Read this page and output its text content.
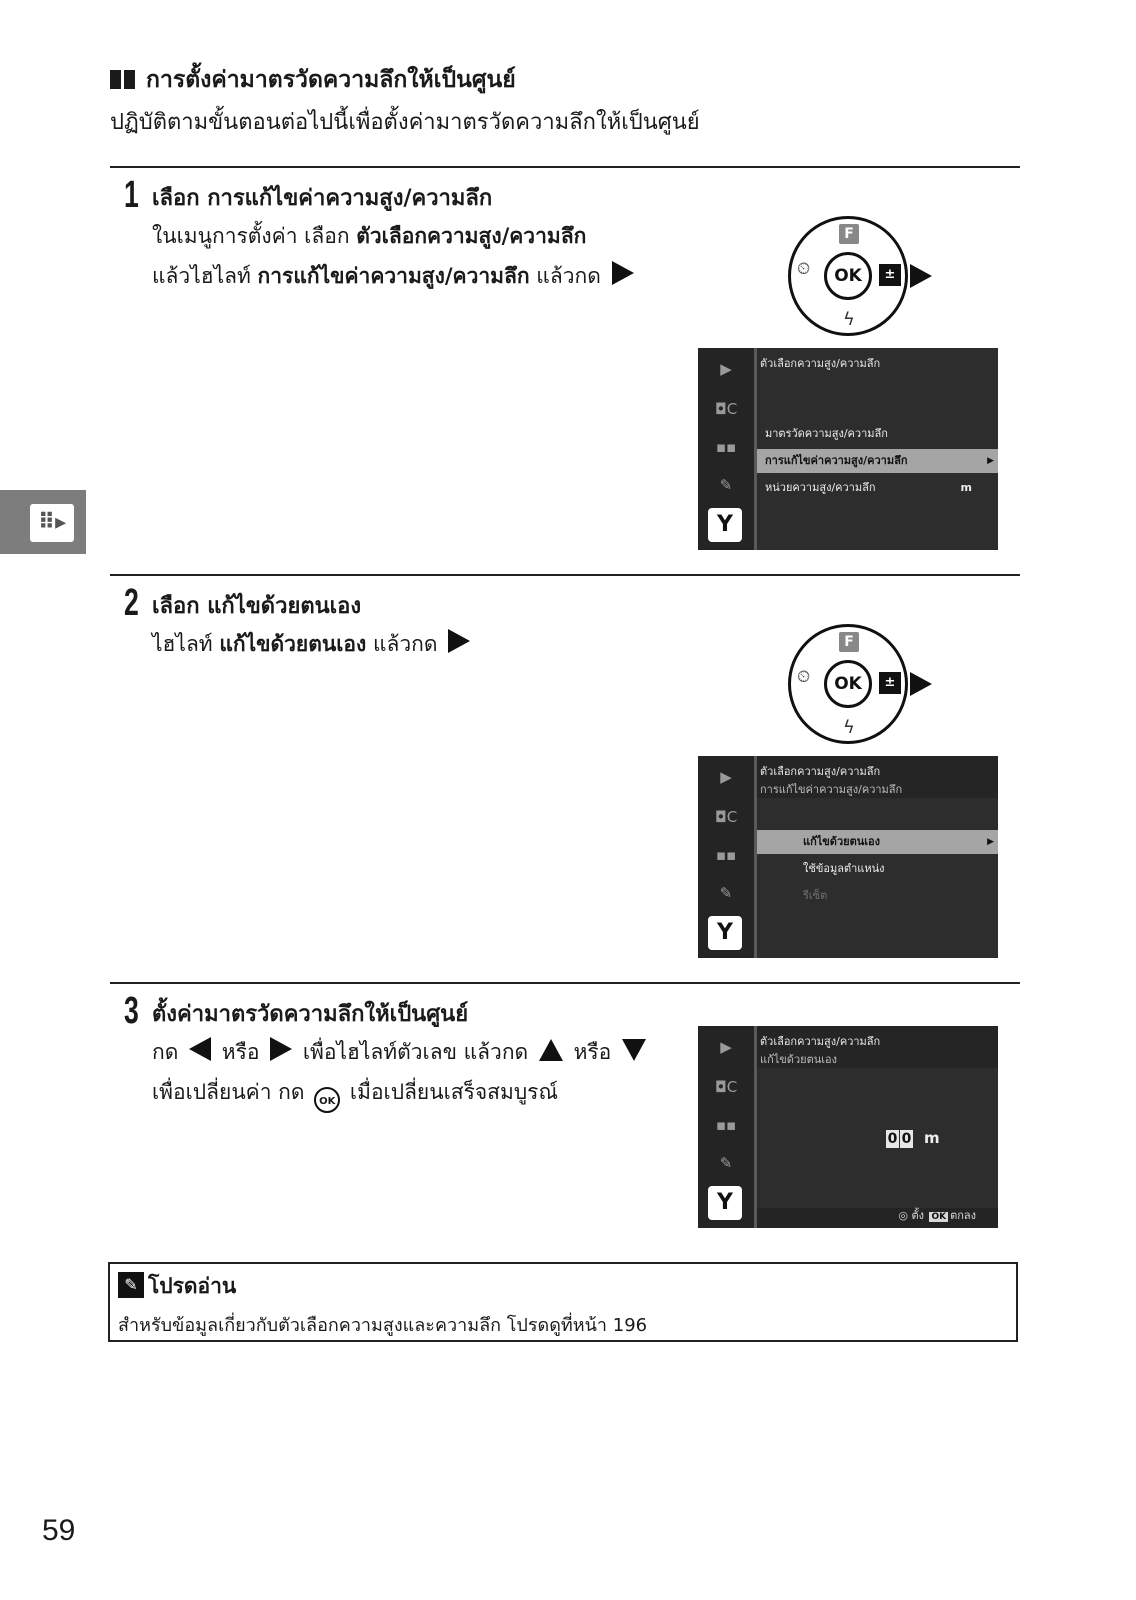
การตั้งค่ามาตรวัดความลึกให้เป็นศูนย์
ปฏิบัติตามขั้นตอนต่อไปนี้เพื่อตั้งค่ามาตรวัดความลึกให้เป็นศูนย์
1 เลือก การแก้ไขค่าความสูง/ความลึก
ในเมนูการตั้งค่า เลือก ตัวเลือกความสูง/ความลึก
แล้วไฮไลท์ การแก้ไขค่าความสูง/ความลึก แล้วกด
F
⏲	OK	±
ϟ
▶
◘C
▪▪
✎
Y
ตัวเลือกความสูง/ความลึก
มาตรวัดความสูง/ความลึก
การแก้ไขค่าความสูง/ความลึก	▶
หน่วยความสูง/ความลึก	m
⠿▸
2 เลือก แก้ไขด้วยตนเอง
ไฮไลท์ แก้ไขด้วยตนเอง แล้วกด	F
⏲	OK	±
ϟ
▶
◘C
▪▪
✎
Y
ตัวเลือกความสูง/ความลึก
การแก้ไขค่าความสูง/ความลึก
แก้ไขด้วยตนเอง	▶
ใช้ข้อมูลตำแหน่ง
รีเซ็ต
3 ตั้งค่ามาตรวัดความลึกให้เป็นศูนย์
กด หรือ เพื่อไฮไลท์ตัวเลข แล้วกด หรือ
เพื่อเปลี่ยนค่า กด OK เมื่อเปลี่ยนเสร็จสมบูรณ์
▶
◘C
▪▪
✎
Y
ตัวเลือกความสูง/ความลึก
แก้ไขด้วยตนเอง
0 0 m
◎ ตั้ง OK ตกลง
✎ โปรดอ่าน
สำหรับข้อมูลเกี่ยวกับตัวเลือกความสูงและความลึก โปรดดูที่หน้า 196
59
